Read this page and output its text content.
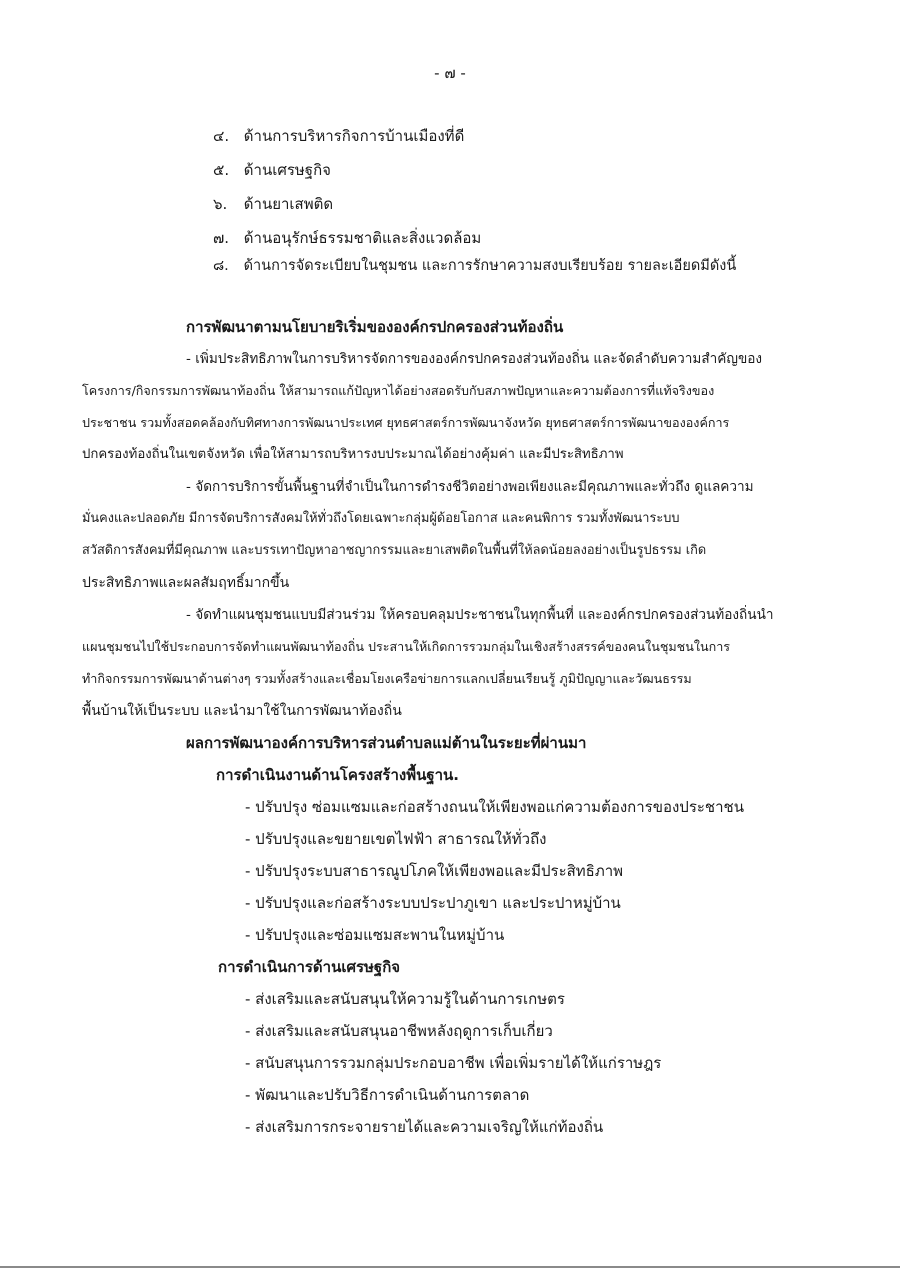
- ๗ -
๔. ด้านการบริหารกิจการบ้านเมืองที่ดี
๕. ด้านเศรษฐกิจ
๖. ด้านยาเสพติด
๗. ด้านอนุรักษ์ธรรมชาติและสิ่งแวดล้อม
๘. ด้านการจัดระเบียบในชุมชน และการรักษาความสงบเรียบร้อย รายละเอียดมีดังนี้
การพัฒนาตามนโยบายริเริ่มขององค์กรปกครองส่วนท้องถิ่น
- เพิ่มประสิทธิภาพในการบริหารจัดการขององค์กรปกครองส่วนท้องถิ่น และจัดลำดับความสำคัญของ
โครงการ/กิจกรรมการพัฒนาท้องถิ่น ให้สามารถแก้ปัญหาได้อย่างสอดรับกับสภาพปัญหาและความต้องการที่แท้จริงของ
ประชาชน รวมทั้งสอดคล้องกับทิศทางการพัฒนาประเทศ ยุทธศาสตร์การพัฒนาจังหวัด ยุทธศาสตร์การพัฒนาขององค์การ
ปกครองท้องถิ่นในเขตจังหวัด เพื่อให้สามารถบริหารงบประมาณได้อย่างคุ้มค่า และมีประสิทธิภาพ
- จัดการบริการขั้นพื้นฐานที่จำเป็นในการดำรงชีวิตอย่างพอเพียงและมีคุณภาพและทั่วถึง ดูแลความ
มั่นคงและปลอดภัย มีการจัดบริการสังคมให้ทั่วถึงโดยเฉพาะกลุ่มผู้ด้อยโอกาส และคนพิการ รวมทั้งพัฒนาระบบ
สวัสดิการสังคมที่มีคุณภาพ และบรรเทาปัญหาอาชญากรรมและยาเสพติดในพื้นที่ให้ลดน้อยลงอย่างเป็นรูปธรรม เกิด
ประสิทธิภาพและผลสัมฤทธิ์มากขึ้น
- จัดทำแผนชุมชนแบบมีส่วนร่วม ให้ครอบคลุมประชาชนในทุกพื้นที่ และองค์กรปกครองส่วนท้องถิ่นนำ
แผนชุมชนไปใช้ประกอบการจัดทำแผนพัฒนาท้องถิ่น ประสานให้เกิดการรวมกลุ่มในเชิงสร้างสรรค์ของคนในชุมชนในการ
ทำกิจกรรมการพัฒนาด้านต่างๆ รวมทั้งสร้างและเชื่อมโยงเครือข่ายการแลกเปลี่ยนเรียนรู้ ภูมิปัญญาและวัฒนธรรม
พื้นบ้านให้เป็นระบบ และนำมาใช้ในการพัฒนาท้องถิ่น
ผลการพัฒนาองค์การบริหารส่วนตำบลแม่ต้านในระยะที่ผ่านมา
การดำเนินงานด้านโครงสร้างพื้นฐาน.
- ปรับปรุง ซ่อมแซมและก่อสร้างถนนให้เพียงพอแก่ความต้องการของประชาชน
- ปรับปรุงและขยายเขตไฟฟ้า สาธารณให้ทั่วถึง
- ปรับปรุงระบบสาธารณูปโภคให้เพียงพอและมีประสิทธิภาพ
- ปรับปรุงและก่อสร้างระบบประปาภูเขา และประปาหมู่บ้าน
- ปรับปรุงและซ่อมแซมสะพานในหมู่บ้าน
การดำเนินการด้านเศรษฐกิจ
- ส่งเสริมและสนับสนุนให้ความรู้ในด้านการเกษตร
- ส่งเสริมและสนับสนุนอาชีพหลังฤดูการเก็บเกี่ยว
- สนับสนุนการรวมกลุ่มประกอบอาชีพ เพื่อเพิ่มรายได้ให้แก่ราษฎร
- พัฒนาและปรับวิธีการดำเนินด้านการตลาด
- ส่งเสริมการกระจายรายได้และความเจริญให้แก่ท้องถิ่น
